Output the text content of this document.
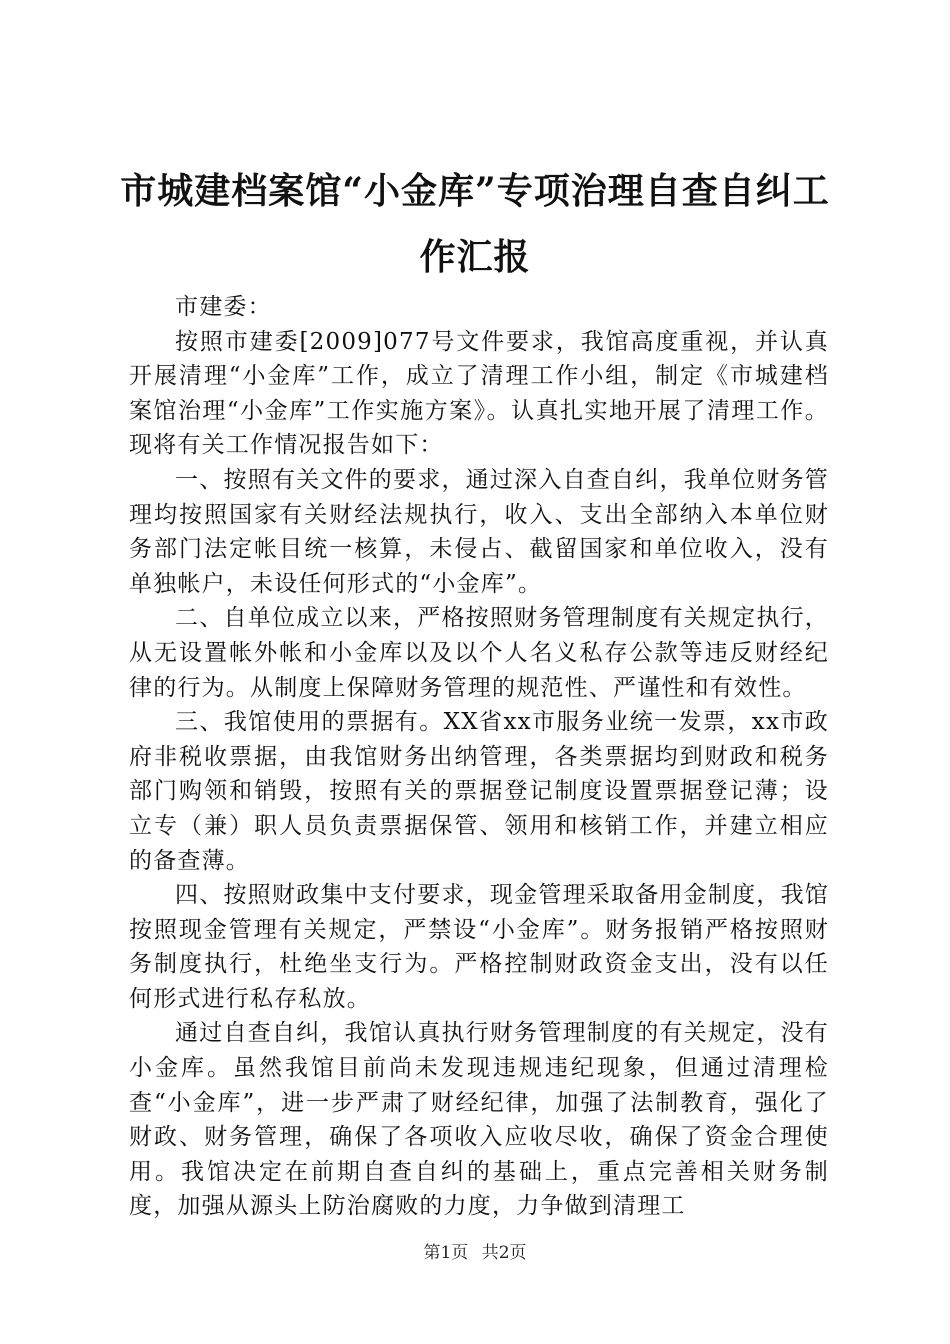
市城建档案馆“小金库”专项治理自查自纠工作汇报

市建委：

按照市建委[2009]077号文件要求，我馆高度重视，并认真开展清理“小金库”工作，成立了清理工作小组，制定《市城建档案馆治理“小金库”工作实施方案》。认真扎实地开展了清理工作。现将有关工作情况报告如下：

一、按照有关文件的要求，通过深入自查自纠，我单位财务管理均按照国家有关财经法规执行，收入、支出全部纳入本单位财务部门法定帐目统一核算，未侵占、截留国家和单位收入，没有单独帐户，未设任何形式的“小金库”。

二、自单位成立以来，严格按照财务管理制度有关规定执行，从无设置帐外帐和小金库以及以个人名义私存公款等违反财经纪律的行为。从制度上保障财务管理的规范性、严谨性和有效性。

三、我馆使用的票据有。XX省xx市服务业统一发票，xx市政府非税收票据，由我馆财务出纳管理，各类票据均到财政和税务部门购领和销毁，按照有关的票据登记制度设置票据登记薄；设立专（兼）职人员负责票据保管、领用和核销工作，并建立相应的备查薄。

四、按照财政集中支付要求，现金管理采取备用金制度，我馆按照现金管理有关规定，严禁设“小金库”。财务报销严格按照财务制度执行，杜绝坐支行为。严格控制财政资金支出，没有以任何形式进行私存私放。

通过自查自纠，我馆认真执行财务管理制度的有关规定，没有小金库。虽然我馆目前尚未发现违规违纪现象，但通过清理检查“小金库”，进一步严肃了财经纪律，加强了法制教育，强化了财政、财务管理，确保了各项收入应收尽收，确保了资金合理使用。我馆决定在前期自查自纠的基础上，重点完善相关财务制度，加强从源头上防治腐败的力度，力争做到清理工

第1页 共2页
